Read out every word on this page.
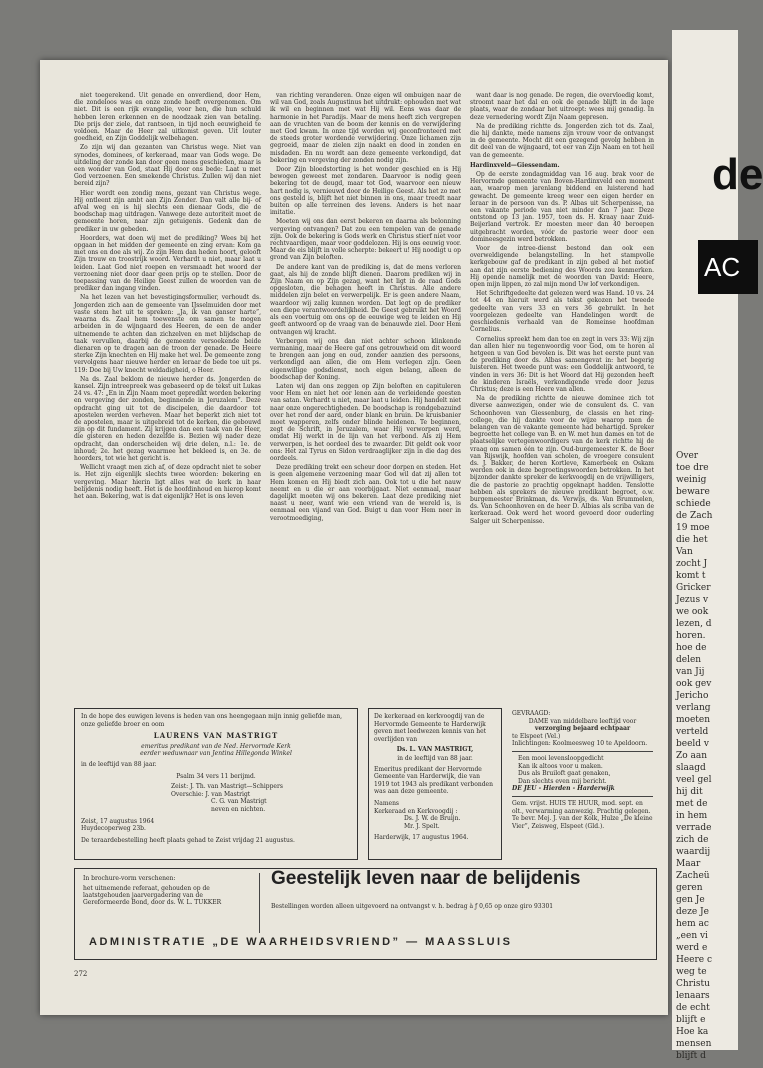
niet toegerekend. Uit genade en onverdiend, door Hem, die zondeloos was en onze zonde heeft overgenomen. Om niet. Dit is een rijk evangelie, voor hen, die hun schuld hebben leren erkennen en de noodzaak zien van betaling. Die prijs der ziele, dat rantsoen, in tijd noch eeuwigheid te voldoen. Maar de Heer zal uitkomst geven. Uit louter goedheid, en Zijn Goddelijk welbehagen.

Zo zijn wij dan gezanten van Christus wege. Niet van synodes, dominees, of kerkeraad, maar van Gods wege. De uitdeling der zonde kan door geen mens geschieden, maar is een wonder van God, staat Hij door ons bede: Laat u met God verzoenen. Een smekende Christus. Zullen wij dan niet bereid zijn?

Hier wordt een zondig mens, gezant van Christus wege. Hij ontleent zijn ambt aan Zijn Zender. Dan valt alle bij- of afval weg en is hij slechts een dienaar Gods, die de boodschap mag uitdragen. Vanwege deze autoriteit moet de gemeente horen, naar zijn getuigenis. Gedenk dan de prediker in uw gebeden.

Hoorders, wat doen wij met de prediking? Wees bij het opgaan in het midden der gemeente en zing ervan: Kom ga met ons en doe als wij. Zo zijn Hem dan heden hoort, gelooft Zijn trouw en troostrijk woord. Verhardt u niet, maar laat u leiden. Laat God niet roepen en versmaadt het woord der verzoening niet door daar geen prijs op te stellen. Door de toepassing van de Heilige Geest zullen de woorden van de prediker dan ingang vinden.

Na het lezen van het bevestigingsformulier, verhoudt ds. Jongerden zich aan de gemeente van IJsselmuiden door met vaste stem het uit te spreken: „Ja, ik van ganser harte”, waarna ds. Zaal hem toewenste om samen te mogen arbeiden in de wijngaard des Heeren, de een de ander uitnemende te achten dan zichzelven en met blijdschap de taak vervullen, daarbij de gemeente versoekende beide dienaren op te dragen aan de troon der genade. De Heere sterke Zijn knechten en Hij make het wel. De gemeente zong vervolgens haar nieuwe herder en leraar de bede toe uit ps. 119: Doe bij Uw knecht weldadigheid, o Heer.

Na ds. Zaal beklom de nieuwe herder ds. Jongerden de kansel. Zijn intreepreek was gebaseerd op de tekst uit Lukas 24 vs. 47: „En in Zijn Naam moet gepredikt worden bekering en vergeving der zonden, beginnende in Jeruzalem”. Deze opdracht ging uit tot de discipelen, die daardoor tot apostelen werden verheven. Maar het beperkt zich niet tot de apostelen, maar is uitgebreid tot de kerken, die gebouwd zijn op dit fundament. Zij krijgen dan een taak van de Heer, die gisteren en heden dezelfde is. Bezien wij nader deze opdracht, dan onderscheiden wij drie delen, n.l.: 1e. de inhoud; 2e. het gezag waarmee het bekleed is, en 3e. de hoorders, tot wie het gericht is.

Wellicht vraagt men zich af, of deze opdracht niet te sober is. Het zijn eigenlijk slechts twee woorden: bekering en vergeving. Maar hierin ligt alles wat de kerk in haar belijdenis nodig heeft. Het is de hoofdinhoud en hierop komt het aan. Bekering, wat is dat eigenlijk? Het is ons leven

van richting veranderen. Onze eigen wil ombuigen naar de wil van God, zoals Augustinus het uitdrukt: ophouden met wat ik wil en beginnen met wat Hij wil. Eens was daar de harmonie in het Paradijs. Maar de mens heeft zich vergrepen aan de vruchten van de boom der kennis en de verwijdering met God kwam. In onze tijd worden wij geconfronteerd met de steeds groter wordende verwijdering. Onze lichamen zijn gegroeid, maar de zielen zijn naakt en dood in zonden en misdaden. En nu wordt aan deze gemeente verkondigd, dat bekering en vergeving der zonden nodig zijn.

Door Zijn bloedstorting is het wonder geschied en is Hij bewogen geweest met zondaren. Daarvoor is nodig geen bekering tot de deugd, maar tot God, waarvoor een nieuw hart nodig is, vernieuwd door de Heilige Geest. Als het zo met ons gesteld is, blijft het niet binnen in ons, maar treedt naar buiten op alle terreinen des levens. Anders is het naar imitatie.

Moeten wij ons dan eerst bekeren en daarna als belonning vergeving ontvangen? Dat zou een tempelen van de genade zijn. Ook de bekering is Gods werk en Christus stierf niet voor rechtvaardigen, maar voor goddelozen. Hij is ons eeuwig voor. Maar de eis blijft in volle scherpte: bekeert u! Hij noodigt u op grond van Zijn beloften.

De andere kant van de prediking is, dat de mens verloren gaat, als hij de zonde blijft dienen. Daarom prediken wij in Zijn Naam en op Zijn gezag, want het ligt in de raad Gods opgesloten, die behagen heeft in Christus. Alle andere middelen zijn belet en verwerpelijk. Er is geen andere Naam, waardoor wij zalig kunnen worden. Dat legt op de prediker een diepe verantwoordelijkheid. De Geest gebruikt het Woord als een voertuig om ons op de eeuwige weg te leiden en Hij geeft antwoord op de vraag van de benauwde ziel. Door Hem ontvangen wij kracht.

Verbergen wij ons dan niet achter schoon klinkende vermaning, maar de Heere gaf ons getrouwheid om dit woord te brengen aan jong en oud, zonder aanzien des persoons, verkondigd aan allen, die om Hem verlegen zijn. Geen eigenwillige godsdienst, noch eigen belang, alleen de boodschap der Koning.

Laten wij dan ons zeggen op Zijn beloften en capituleren voor Hem en niet het oor lenen aan de verleidende geesten van satan. Verhardt u niet, maar laat u leiden. Hij handelt niet naar onze ongerechtigheden. De boodschap is rondgebazuind over het rond der aard, onder blank en bruin. De kruisbanier moet wapperen, zelfs onder blinde heidenen. Te beginnen, zegt de Schrift, in Jeruzalem, waar Hij verworpen werd, omdat Hij werkt in de lijn van het verbond. Als zij Hem verwerpen, is het oordeel des te zwaarder. Dit geldt ook voor ons: Het zal Tyrus en Sidon verdraaglijker zijn in die dag des oordeels.

Deze prediking trekt een scheur door dorpen en steden. Het is geen algemene verzoening maar God wil dat zij allen tot Hem komen en Hij biedt zich aan. Ook tot u die het nauw neemt en u die er aan voorbijgaat. Niet eenmaal, maar dagelijkt moeten wij ons bekeren. Laat deze prediking niet naast u neer, want wie een vriend van de wereld is, is eenmaal een vijand van God. Buigt u dan voor Hem neer in verootmoediging,

want daar is nog genade. De regen, die overvloedig komt, stroomt naar het dal en ook de genade blijft in de lage plaats, waar de zondaar het uitroept: wees mij genadig. In deze vernedering wordt Zijn Naam gepresen.

Na de prediking richtte ds. Jongerden zich tot ds. Zaal, die hij dankte, mede namens zijn vrouw voor de ontvangst in de gemeente. Mocht dit een gezegend gevolg hebben in dit deel van de wijngaard, tot eer van Zijn Naam en tot heil van de gemeente.

Hardinxveld—Giessendam.

Op de eerste zondagmiddag van 16 aug. brak voor de Hervormde gemeente van Boven-Hardinxveld een moment aan, waarop men jarenlang biddend en luisterend had gewacht. De gemeente kreeg weer een eigen herder en leraar in de persoon van ds. P. Albas uit Scherpenisse, na een vakante periode van niet minder dan 7 jaar. Deze ontstond op 13 jan. 1957, toen ds. H. Kraay naar Zuid-Beijerland vertrok. Er moesten meer dan 40 beroepen uitgebracht worden, vóór de pastorie weer door een domineesgezin werd betrokken.

Voor de intree-dienst bestond dan ook een overweldigende belangstelling. In het stampvolle kerkgebouw gaf de predikant in zijn gebed al het motief aan dat zijn eerste bediening des Woords zou kenmerken. Hij opende namelijk met de woorden van David: Heere, open mijn lippen, zo zal mijn mond Uw lof verkondigen.

Het Schriftgedeelte dat gelezen werd was Hand. 10 vs. 24 tot 44 en hieruit werd als tekst gekozen het tweede gedeelte van vers 33 en vers 36 gebruikt. In het voorgelezen gedeelte van Handelingen wordt de geschiedenis verhaald van de Romeinse hoofdman Cornelius.

Cornelius spreekt hem dan toe en zegt in vers 33: Wij zijn dan allen hier nu tegenwoordig voor God, om te horen al hetgeen u van God bevolen is. Dit was het eerste punt van de prediking door ds. Albas samengevat in: het begerig luisteren. Het tweede punt was: een Goddelijk antwoord, te vinden in vers 36: Dit is het Woord dat Hij gezonden heeft de kinderen Israëls, verkondigende vrede door Jezus Christus; deze is een Heere van allen.

Na de prediking richtte de nieuwe dominee zich tot diverse aanwezigen, onder wie de consulent ds. C. van Schoonhoven van Giessenburg, de classis en het ring-college, die hij dankte voor de wijze waarop men de belangen van de vakante gemeente had behartigd. Spreker begroette het college van B. en W. met hun dames en tot de plaatselijke vertegenwoordigers van de kerk richtte hij de vraag om samen één te zijn. Oud-burgemeester K. de Boer van Rijswijk, hoofden van scholen, de vroegere consulent ds. J. Bakker, de heren Kortleve, Kamerbeek en Oskam werden ook in deze begroetingswoorden betrokken. In het bijzonder dankte spreker de kerkvoogdij en de vrijwilligers, die de pastorie zo prachtig opgeknapt hadden. Tenslotte hebben als sprekers de nieuwe predikant begroet, o.w. burgemeester Brinkman, ds. Verwijs, ds. Van Brummelen, ds. Van Schoonhoven en de heer D. Albias als scriba van de kerkeraad. Ook werd het woord gevoerd door ouderling Salger uit Scherpenisse.

In de hope des euwigen levens is heden van ons heengegaan mijn innig geliefde man, onze geliefde broer en oom
LAURENS VAN MASTRIGT
emeritus predikant van de Ned. Hervormde Kerk
eerder weduwnaar van Jentina Hillegonda Winkel
in de leeftijd van 88 jaar.
Psalm 34 vers 11 berijmd.
Zeist: J. Th. van Mastrigt—Schippers
Overschie: J. van Mastrigt
C. G. van Mastrigt
neven en nichten.
Zeist, 17 augustus 1964
Huydecoperweg 23b.
De teraardebestelling heeft plaats gehad te Zeist vrijdag 21 augustus.
De kerkeraad en kerkvoogdij van de Hervormde Gemeente te Harderwijk geven met leedwezen kennis van het overlijden van
Ds. L. VAN MASTRIGT,
in de leeftijd van 88 jaar.
Emeritus predikant der Hervormde Gemeente van Harderwijk, die van 1919 tot 1943 als predikant verbonden was aan deze gemeente.
Namens
Kerkeraad en Kerkvoogdij :
Ds. J. W. de Bruijn.
Mr. J. Spelt.
Harderwijk, 17 augustus 1964.
GEVRAAGD:
DAME van middelbare leeftijd voor
verzorging bejaard echtpaar
te Elspeet (Vel.)
Inlichtingen: Koolmeesweg 10 te Apeldoorn.
Een mooi levensloopgedicht
Kan ik altoos voor u maken.
Dus als Bruiloft gaat genaken,
Dan slechts even mij bericht.
DE JEU - Hierden - Harderwijk
Gem. vrijst. HUIS TE HUUR, mod. sept. en olt., verwarming aanwezig. Prachtig gelegen. Te bevr. Mej. J. van der Kolk, Hulze „De kleine Vier”, Zeisweg, Elspeet (Gld.).
In brochure-vorm verschenen:
het uitnemende referaat, gehouden op de laatstgehouden jaarvergadering van de Gereformeerde Bond, door ds. W. L. TUKKER
Geestelijk leven naar de belijdenis
Bestellingen worden alleen uitgevoerd na ontvangst v. h. bedrag à ƒ 0,65 op onze giro 93301
ADMINISTRATIE „DE WAARHEIDSVRIEND” — MAASSLUIS
272
de
AC
Over
toe dre
weinig
beware
schiede
de Zach
19 moe
die het
Van
zocht J
komt t
Gricker
Jezus v
we ook
lezen, d
horen.
hoe de
delen
van Jij
ook gev
Jericho
verlang
moeten
verteld
beeld v
Zo aan
slaagd
veel gel
hij dit
met de
in hem
verrade
zich de
waardij
Maar
Zacheü
geren
gen Je
deze Je
hem ac
„een vi
werd e
Heere c
weg te
Christu
lenaars
de echt
blijft e
Hoe ka
mensen
blijft d
